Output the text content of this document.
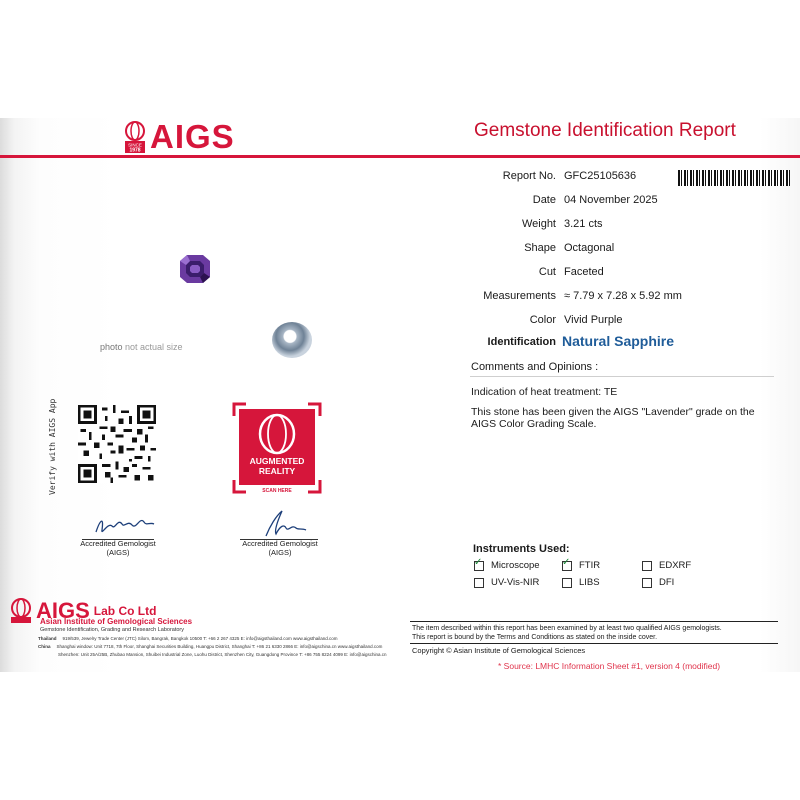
SINCE
1978 AIGS	Gemstone Identification Report
Report No. GFC25105636
Date 04 November 2025
Weight 3.21 cts
Shape Octagonal
Cut Faceted
Measurements ≈ 7.79 x 7.28 x 5.92 mm
Color Vivid Purple
Identification Natural Sapphire
Comments and Opinions :
Indication of heat treatment: TE
This stone has been given the AIGS "Lavender" grade on the AIGS Color Grading Scale.
photo not actual size
Verify with AIGS App	AUGMENTED
REALITY
SCAN HERE
Accredited Gemologist
(AIGS)
Accredited Gemologist
(AIGS)	Instruments Used:
✓
Microscope
✓	FTIR	EDXRF
UV-Vis-NIR	LIBS	DFI
AIGS Lab Co Ltd
Asian Institute of Gemological Sciences
Gemstone Identification, Grading and Research Laboratory
Thailand 919/539, Jewelry Trade Center (JTC) Silom, Bangrak, Bangkok 10500 T: +66 2 267 4325 E: info@aigsthailand.com www.aigsthailand.com
China Shanghai window: Unit 7718, 7th Floor, Shanghai Securities Building, Huangpu District, Shanghai T: +86 21 6330 2866 E: info@aigschina.cn www.aigsthailand.com
Shenzhen: Unit 25A/25B, Zhubao Mansion, Shuibei Industrial Zone, Luohu District, Shenzhen City, Guangdong Province T: +86 755 8224 4099 E: info@aigschina.cn
The item described within this report has been examined by at least two qualified AIGS gemologists.
This report is bound by the Terms and Conditions as stated on the inside cover.
Copyright © Asian Institute of Gemological Sciences
* Source: LMHC Information Sheet #1, version 4 (modified)
